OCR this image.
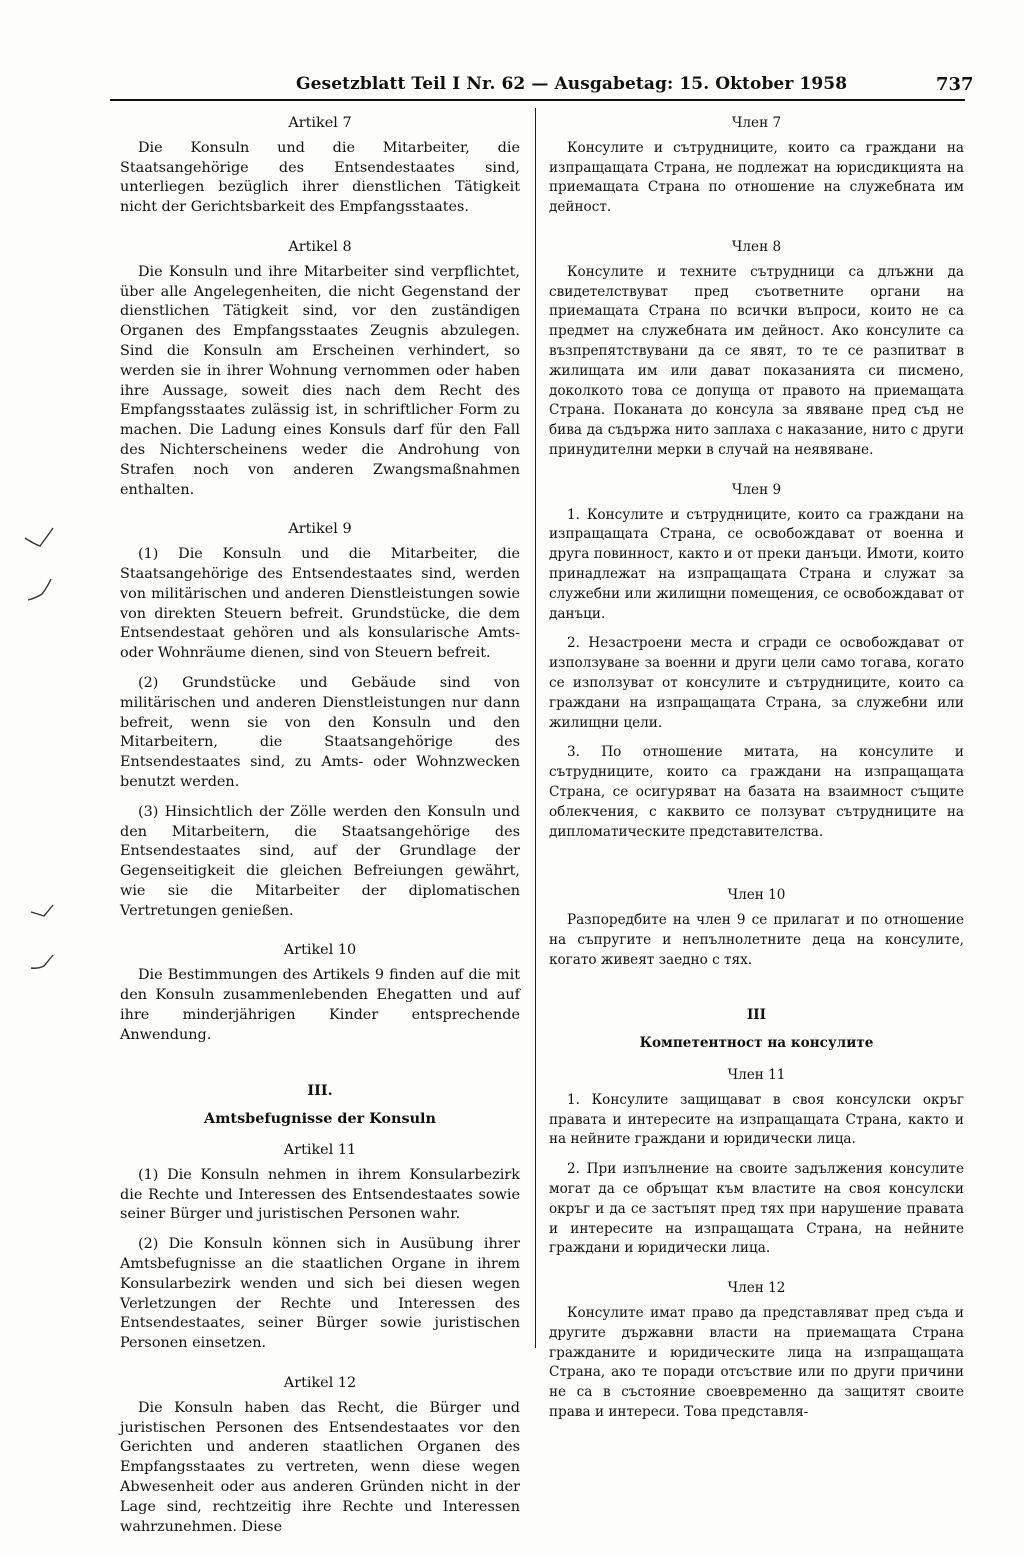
Gesetzblatt Teil I Nr. 62 — Ausgabetag: 15. Oktober 1958	737
Artikel 7

Die Konsuln und die Mitarbeiter, die Staatsangehörige des Entsendestaates sind, unterliegen bezüglich ihrer dienstlichen Tätigkeit nicht der Gerichtsbarkeit des Empfangsstaates.

Artikel 8

Die Konsuln und ihre Mitarbeiter sind verpflichtet, über alle Angelegenheiten, die nicht Gegenstand der dienstlichen Tätigkeit sind, vor den zuständigen Organen des Empfangsstaates Zeugnis abzulegen. Sind die Konsuln am Erscheinen verhindert, so werden sie in ihrer Wohnung vernommen oder haben ihre Aussage, soweit dies nach dem Recht des Empfangsstaates zulässig ist, in schriftlicher Form zu machen. Die Ladung eines Konsuls darf für den Fall des Nichterscheinens weder die Androhung von Strafen noch von anderen Zwangsmaßnahmen enthalten.

Artikel 9

(1) Die Konsuln und die Mitarbeiter, die Staatsangehörige des Entsendestaates sind, werden von militärischen und anderen Dienstleistungen sowie von direkten Steuern befreit. Grundstücke, die dem Entsendestaat gehören und als konsularische Amts- oder Wohnräume dienen, sind von Steuern befreit.

(2) Grundstücke und Gebäude sind von militärischen und anderen Dienstleistungen nur dann befreit, wenn sie von den Konsuln und den Mitarbeitern, die Staatsangehörige des Entsendestaates sind, zu Amts- oder Wohnzwecken benutzt werden.

(3) Hinsichtlich der Zölle werden den Konsuln und den Mitarbeitern, die Staatsangehörige des Entsendestaates sind, auf der Grundlage der Gegenseitigkeit die gleichen Befreiungen gewährt, wie sie die Mitarbeiter der diplomatischen Vertretungen genießen.

Artikel 10

Die Bestimmungen des Artikels 9 finden auf die mit den Konsuln zusammenlebenden Ehegatten und auf ihre minderjährigen Kinder entsprechende Anwendung.

III.
Amtsbefugnisse der Konsuln
Artikel 11

(1) Die Konsuln nehmen in ihrem Konsularbezirk die Rechte und Interessen des Entsendestaates sowie seiner Bürger und juristischen Personen wahr.

(2) Die Konsuln können sich in Ausübung ihrer Amtsbefugnisse an die staatlichen Organe in ihrem Konsularbezirk wenden und sich bei diesen wegen Verletzungen der Rechte und Interessen des Entsendestaates, seiner Bürger sowie juristischen Personen einsetzen.

Artikel 12

Die Konsuln haben das Recht, die Bürger und juristischen Personen des Entsendestaates vor den Gerichten und anderen staatlichen Organen des Empfangsstaates zu vertreten, wenn diese wegen Abwesenheit oder aus anderen Gründen nicht in der Lage sind, rechtzeitig ihre Rechte und Interessen wahrzunehmen. Diese

Член 7

Консулите и сътрудниците, които са граждани на изпращащата Страна, не подлежат на юрисдикцията на приемащата Страна по отношение на служебната им дейност.

Член 8

Консулите и техните сътрудници са длъжни да свидетелствуват пред съответните органи на приемащата Страна по всички въпроси, които не са предмет на служебната им дейност. Ако консулите са възпрепятствувани да се явят, то те се разпитват в жилищата им или дават показанията си писмено, доколкото това се допуща от правото на приемащата Страна. Поканата до консула за явяване пред съд не бива да съдържа нито заплаха с наказание, нито с други принудителни мерки в случай на неявяване.

Член 9

1. Консулите и сътрудниците, които са граждани на изпращащата Страна, се освобождават от военна и друга повинност, както и от преки данъци. Имоти, които принадлежат на изпращащата Страна и служат за служебни или жилищни помещения, се освобождават от данъци.

2. Незастроени места и сгради се освобождават от използуване за военни и други цели само тогава, когато се използуват от консулите и сътрудниците, които са граждани на изпращащата Страна, за служебни или жилищни цели.

3. По отношение митата, на консулите и сътрудниците, които са граждани на изпращащата Страна, се осигуряват на базата на взаимност същите облекчения, с каквито се ползуват сътрудниците на дипломатическите представителства.

Член 10

Разпоредбите на член 9 се прилагат и по отношение на съпругите и непълнолетните деца на консулите, когато живеят заедно с тях.

III
Компетентност на консулите
Член 11

1. Консулите защищават в своя консулски окръг правата и интересите на изпращащата Страна, както и на нейните граждани и юридически лица.

2. При изпълнение на своите задължения консулите могат да се обръщат към властите на своя консулски окръг и да се застъпят пред тях при нарушение правата и интересите на изпращащата Страна, на нейните граждани и юридически лица.

Член 12

Консулите имат право да представляват пред съда и другите държавни власти на приемащата Страна гражданите и юридическите лица на изпращащата Страна, ако те поради отсъствие или по други причини не са в състояние своевременно да защитят своите права и интереси. Това представля-
